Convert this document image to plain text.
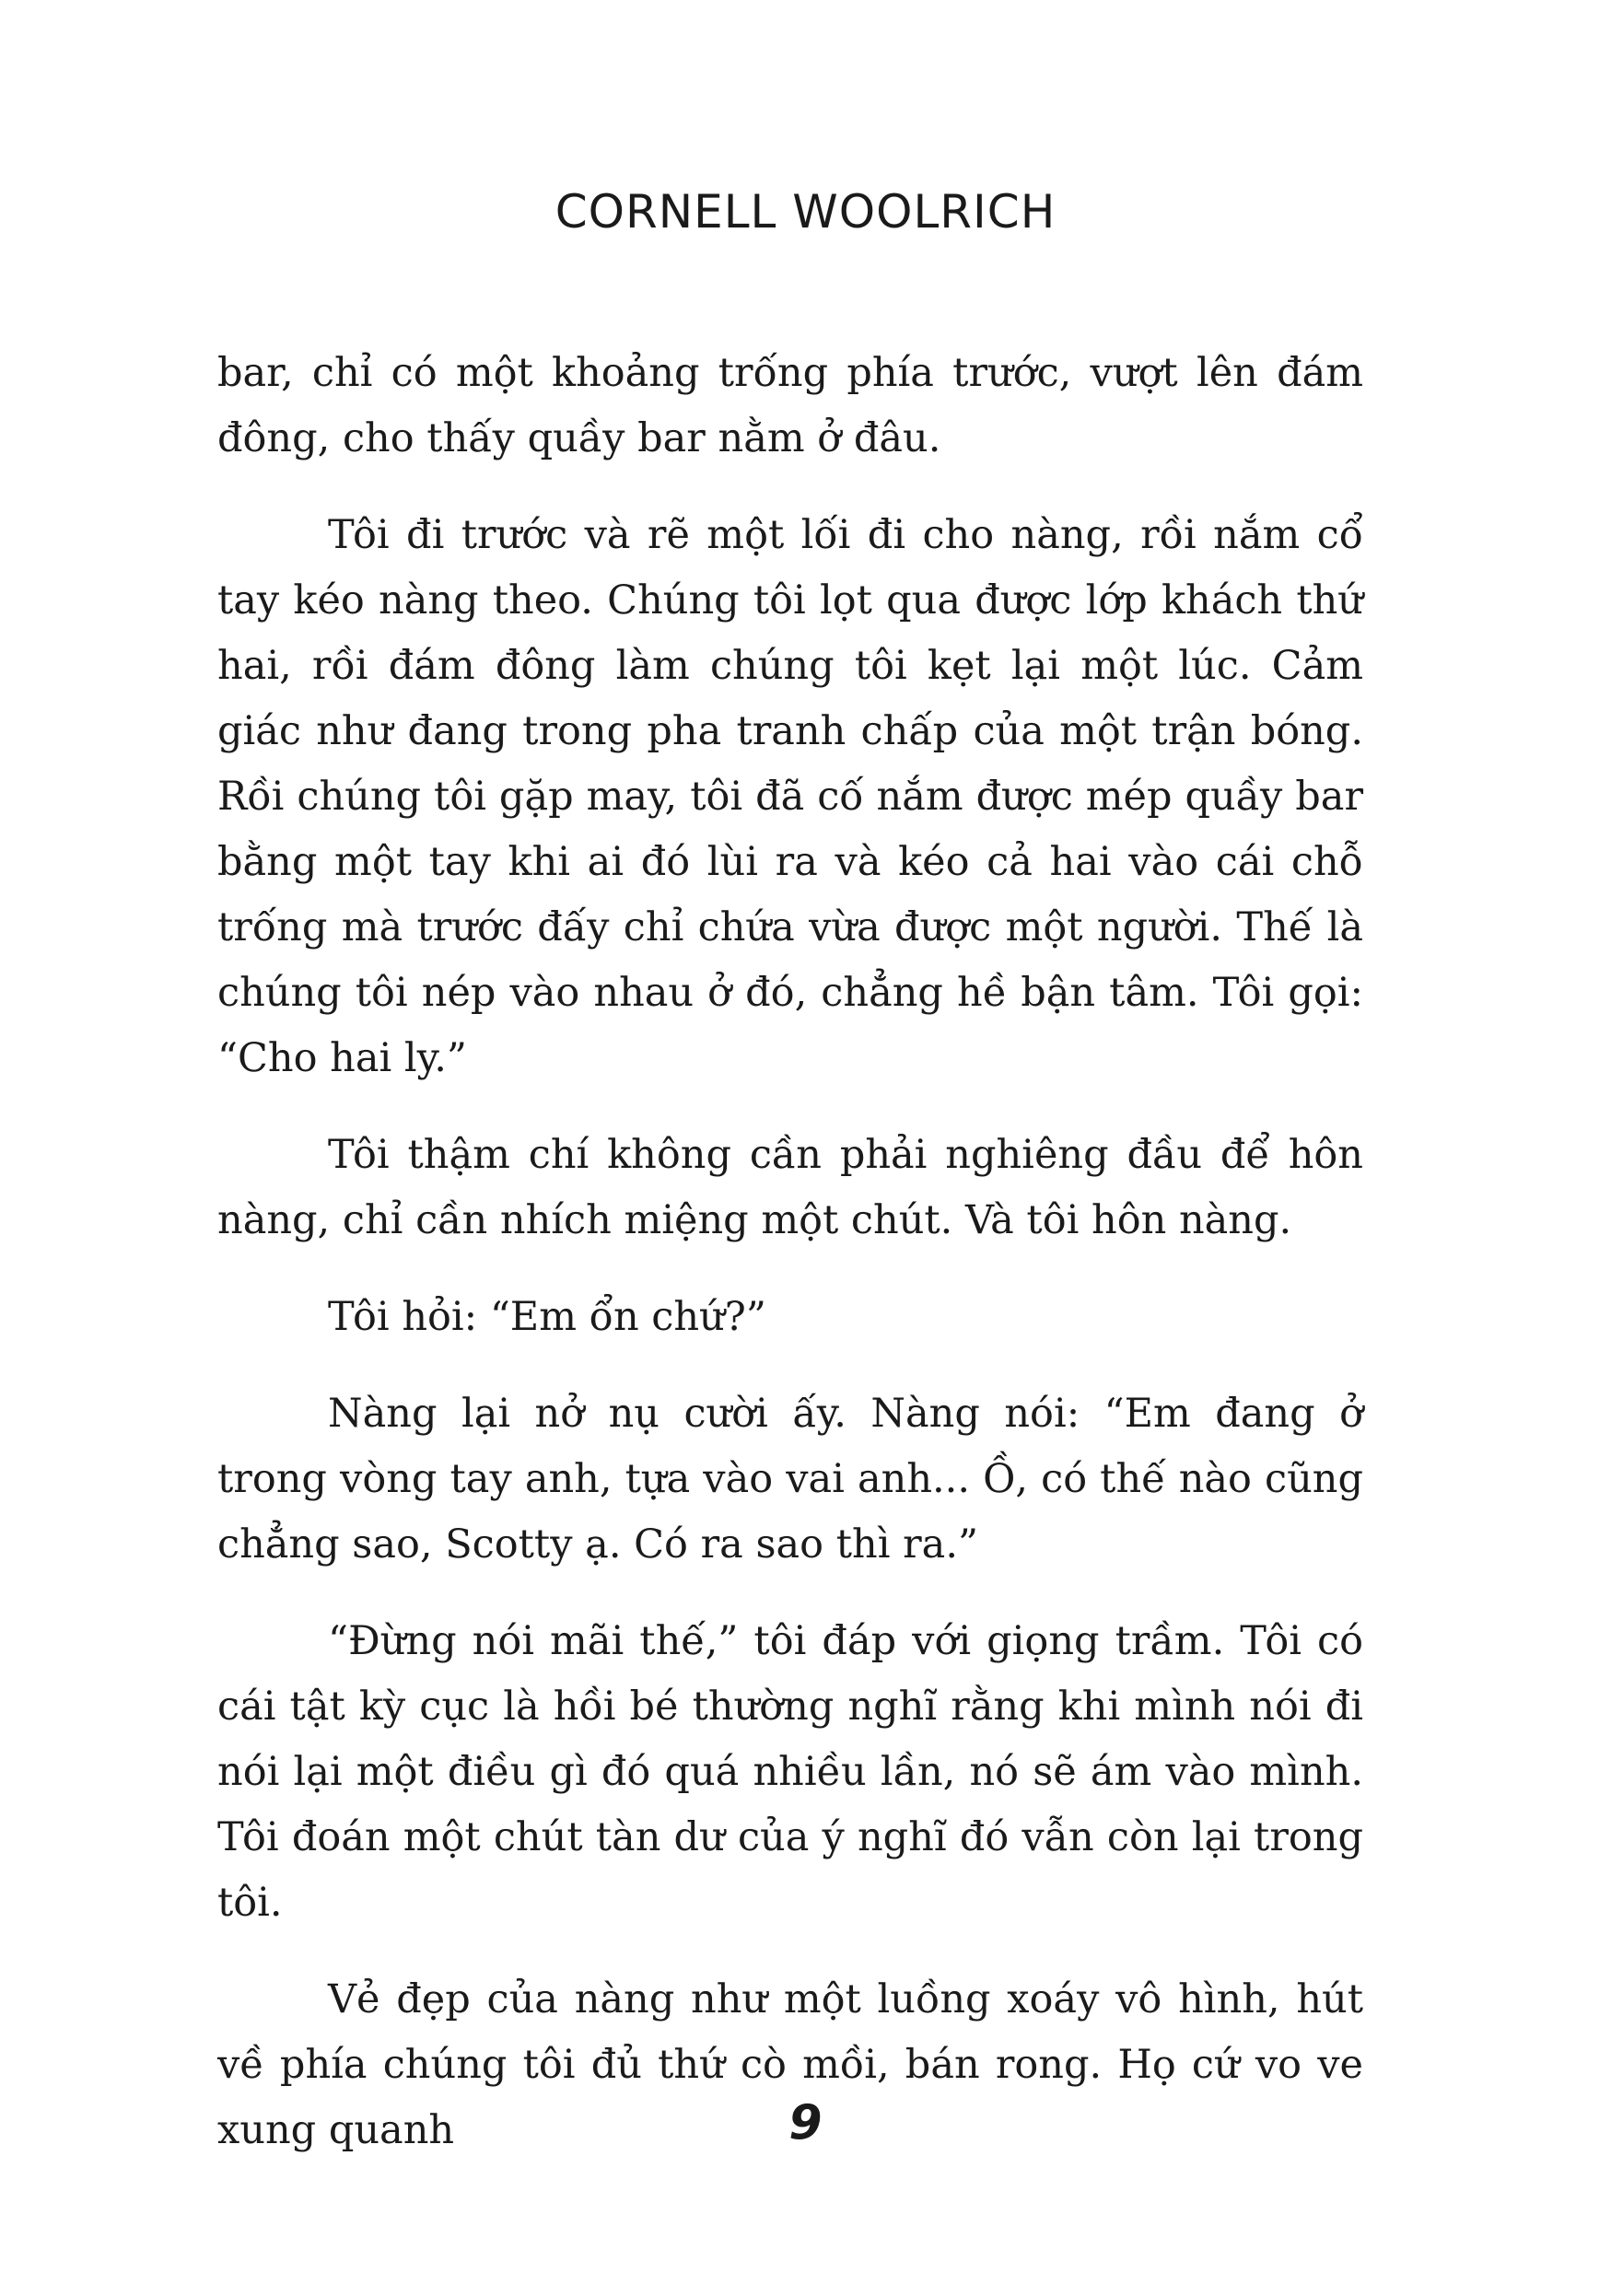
CORNELL WOOLRICH

bar, chỉ có một khoảng trống phía trước, vượt lên đám đông, cho thấy quầy bar nằm ở đâu.

Tôi đi trước và rẽ một lối đi cho nàng, rồi nắm cổ tay kéo nàng theo. Chúng tôi lọt qua được lớp khách thứ hai, rồi đám đông làm chúng tôi kẹt lại một lúc. Cảm giác như đang trong pha tranh chấp của một trận bóng. Rồi chúng tôi gặp may, tôi đã cố nắm được mép quầy bar bằng một tay khi ai đó lùi ra và kéo cả hai vào cái chỗ trống mà trước đấy chỉ chứa vừa được một người. Thế là chúng tôi nép vào nhau ở đó, chẳng hề bận tâm. Tôi gọi: “Cho hai ly.”

Tôi thậm chí không cần phải nghiêng đầu để hôn nàng, chỉ cần nhích miệng một chút. Và tôi hôn nàng.

Tôi hỏi: “Em ổn chứ?”

Nàng lại nở nụ cười ấy. Nàng nói: “Em đang ở trong vòng tay anh, tựa vào vai anh... Ồ, có thế nào cũng chẳng sao, Scotty ạ. Có ra sao thì ra.”

“Đừng nói mãi thế,” tôi đáp với giọng trầm. Tôi có cái tật kỳ cục là hồi bé thường nghĩ rằng khi mình nói đi nói lại một điều gì đó quá nhiều lần, nó sẽ ám vào mình. Tôi đoán một chút tàn dư của ý nghĩ đó vẫn còn lại trong tôi.

Vẻ đẹp của nàng như một luồng xoáy vô hình, hút về phía chúng tôi đủ thứ cò mồi, bán rong. Họ cứ vo ve xung quanh	9
